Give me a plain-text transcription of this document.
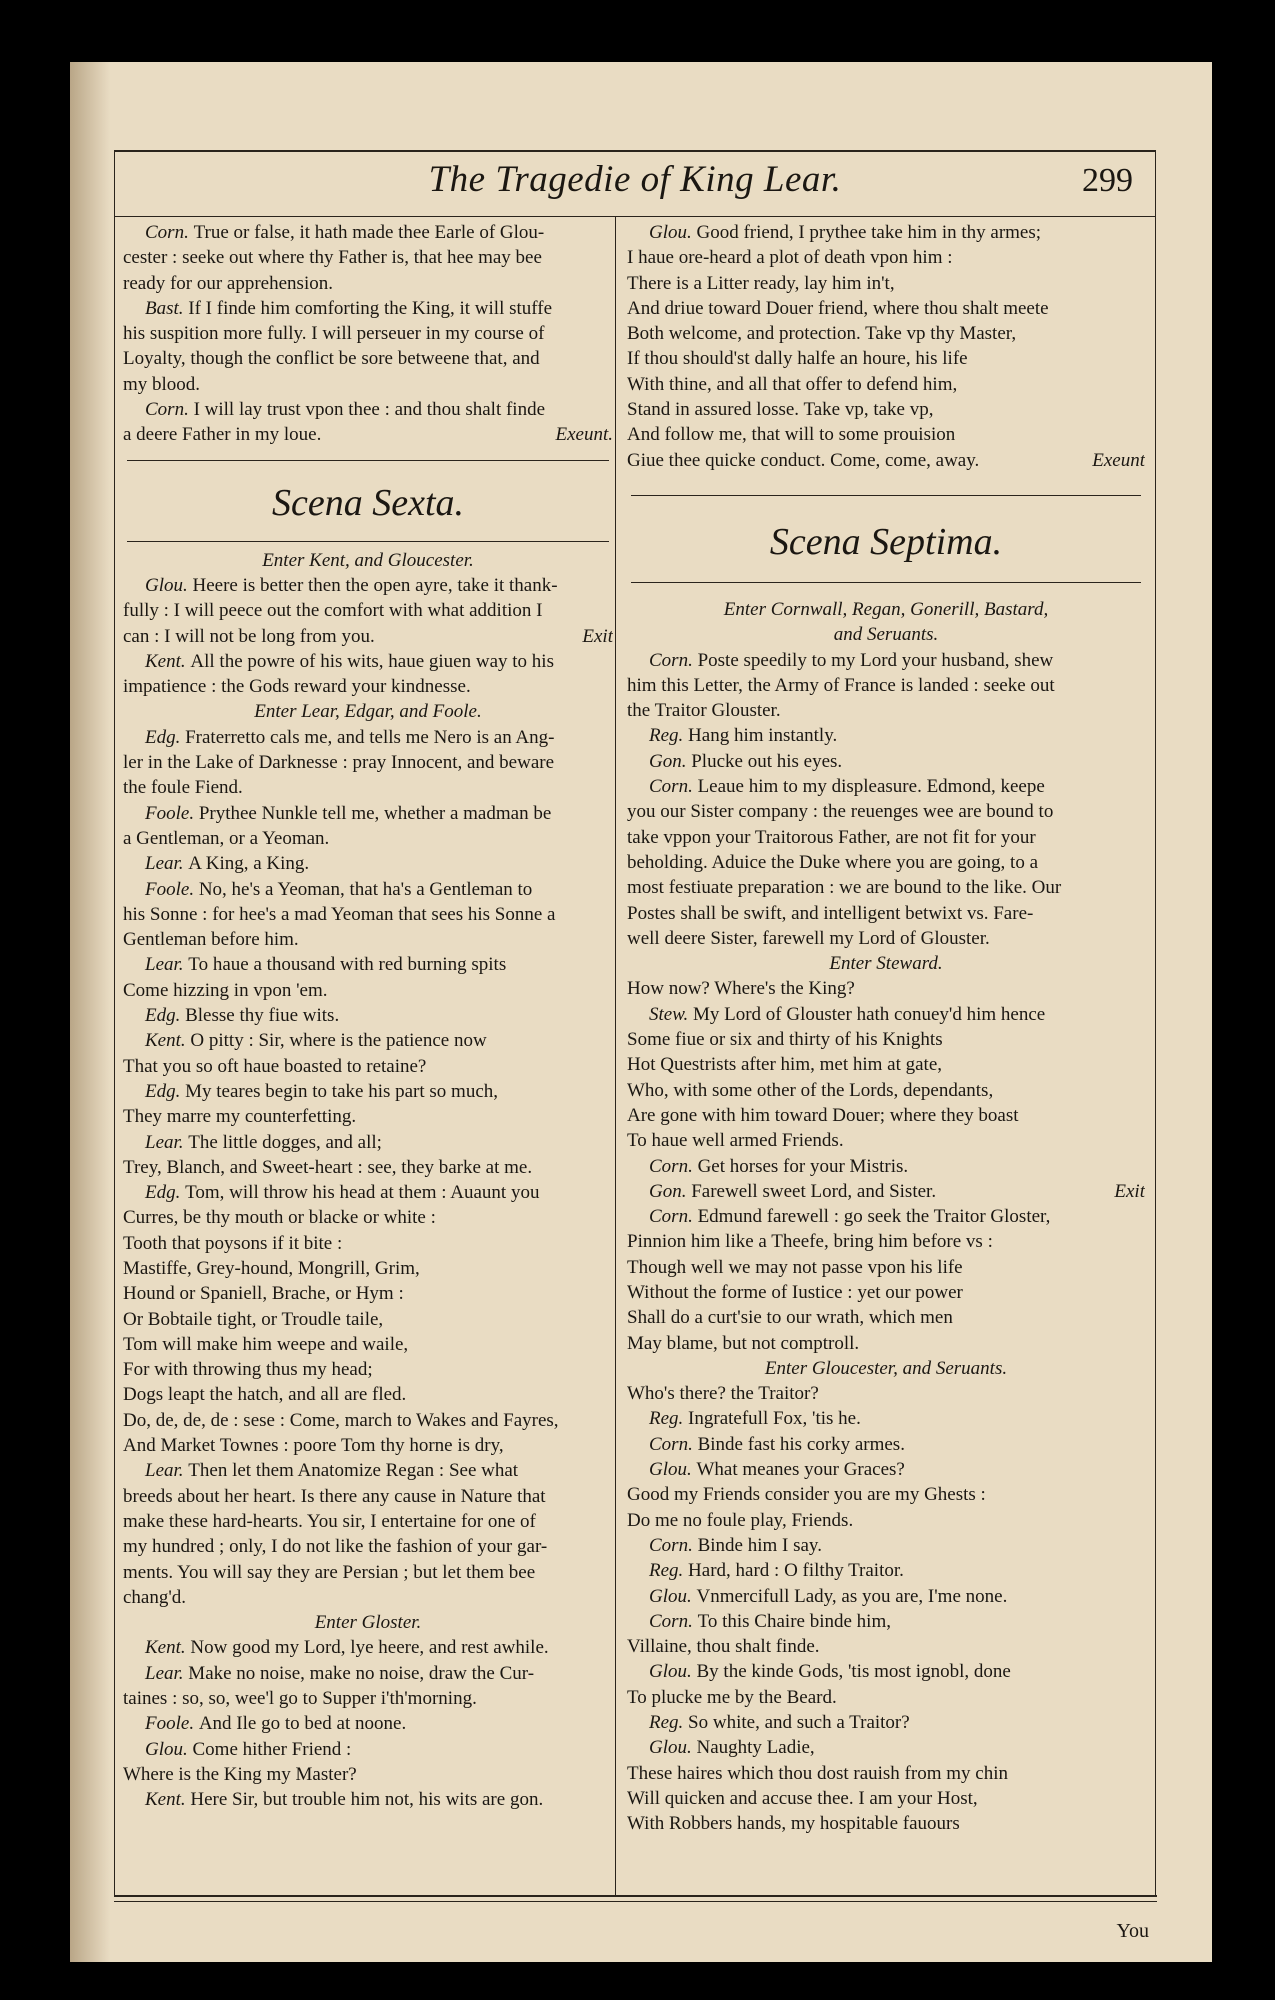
The Tragedie of King Lear.	299
Corn. True or false, it hath made thee Earle of Glou-
cester : seeke out where thy Father is, that hee may bee
ready for our apprehension.
Bast. If I finde him comforting the King, it will stuffe
his suspition more fully. I will perseuer in my course of
Loyalty, though the conflict be sore betweene that, and
my blood.
Corn. I will lay trust vpon thee : and thou shalt finde
a deere Father in my loue.	Exeunt.
Scena Sexta.
Enter Kent, and Gloucester.
Glou. Heere is better then the open ayre, take it thank-
fully : I will peece out the comfort with what addition I
can : I will not be long from you.	Exit
Kent. All the powre of his wits, haue giuen way to his
impatience : the Gods reward your kindnesse.
Enter Lear, Edgar, and Foole.
Edg. Fraterretto cals me, and tells me Nero is an Ang-
ler in the Lake of Darknesse : pray Innocent, and beware
the foule Fiend.
Foole. Prythee Nunkle tell me, whether a madman be
a Gentleman, or a Yeoman.
Lear. A King, a King.
Foole. No, he's a Yeoman, that ha's a Gentleman to
his Sonne : for hee's a mad Yeoman that sees his Sonne a
Gentleman before him.
Lear. To haue a thousand with red burning spits
Come hizzing in vpon 'em.
Edg. Blesse thy fiue wits.
Kent. O pitty : Sir, where is the patience now
That you so oft haue boasted to retaine?
Edg. My teares begin to take his part so much,
They marre my counterfetting.
Lear. The little dogges, and all;
Trey, Blanch, and Sweet-heart : see, they barke at me.
Edg. Tom, will throw his head at them : Auaunt you
Curres, be thy mouth or blacke or white :
Tooth that poysons if it bite :
Mastiffe, Grey-hound, Mongrill, Grim,
Hound or Spaniell, Brache, or Hym :
Or Bobtaile tight, or Troudle taile,
Tom will make him weepe and waile,
For with throwing thus my head;
Dogs leapt the hatch, and all are fled.
Do, de, de, de : sese : Come, march to Wakes and Fayres,
And Market Townes : poore Tom thy horne is dry,
Lear. Then let them Anatomize Regan : See what
breeds about her heart. Is there any cause in Nature that
make these hard-hearts. You sir, I entertaine for one of
my hundred ; only, I do not like the fashion of your gar-
ments. You will say they are Persian ; but let them bee
chang'd.
Enter Gloster.
Kent. Now good my Lord, lye heere, and rest awhile.
Lear. Make no noise, make no noise, draw the Cur-
taines : so, so, wee'l go to Supper i'th'morning.
Foole. And Ile go to bed at noone.
Glou. Come hither Friend :
Where is the King my Master?
Kent. Here Sir, but trouble him not, his wits are gon.
Glou. Good friend, I prythee take him in thy armes;
I haue ore-heard a plot of death vpon him :
There is a Litter ready, lay him in't,
And driue toward Douer friend, where thou shalt meete
Both welcome, and protection. Take vp thy Master,
If thou should'st dally halfe an houre, his life
With thine, and all that offer to defend him,
Stand in assured losse. Take vp, take vp,
And follow me, that will to some prouision
Giue thee quicke conduct. Come, come, away.	Exeunt
Scena Septima.
Enter Cornwall, Regan, Gonerill, Bastard,
and Seruants.
Corn. Poste speedily to my Lord your husband, shew
him this Letter, the Army of France is landed : seeke out
the Traitor Glouster.
Reg. Hang him instantly.
Gon. Plucke out his eyes.
Corn. Leaue him to my displeasure. Edmond, keepe
you our Sister company : the reuenges wee are bound to
take vppon your Traitorous Father, are not fit for your
beholding. Aduice the Duke where you are going, to a
most festiuate preparation : we are bound to the like. Our
Postes shall be swift, and intelligent betwixt vs. Fare-
well deere Sister, farewell my Lord of Glouster.
Enter Steward.
How now? Where's the King?
Stew. My Lord of Glouster hath conuey'd him hence
Some fiue or six and thirty of his Knights
Hot Questrists after him, met him at gate,
Who, with some other of the Lords, dependants,
Are gone with him toward Douer; where they boast
To haue well armed Friends.
Corn. Get horses for your Mistris.
Gon. Farewell sweet Lord, and Sister.	Exit
Corn. Edmund farewell : go seek the Traitor Gloster,
Pinnion him like a Theefe, bring him before vs :
Though well we may not passe vpon his life
Without the forme of Iustice : yet our power
Shall do a curt'sie to our wrath, which men
May blame, but not comptroll.
Enter Gloucester, and Seruants.
Who's there? the Traitor?
Reg. Ingratefull Fox, 'tis he.
Corn. Binde fast his corky armes.
Glou. What meanes your Graces?
Good my Friends consider you are my Ghests :
Do me no foule play, Friends.
Corn. Binde him I say.
Reg. Hard, hard : O filthy Traitor.
Glou. Vnmercifull Lady, as you are, I'me none.
Corn. To this Chaire binde him,
Villaine, thou shalt finde.
Glou. By the kinde Gods, 'tis most ignobl, done
To plucke me by the Beard.
Reg. So white, and such a Traitor?
Glou. Naughty Ladie,
These haires which thou dost rauish from my chin
Will quicken and accuse thee. I am your Host,
With Robbers hands, my hospitable fauours
You
